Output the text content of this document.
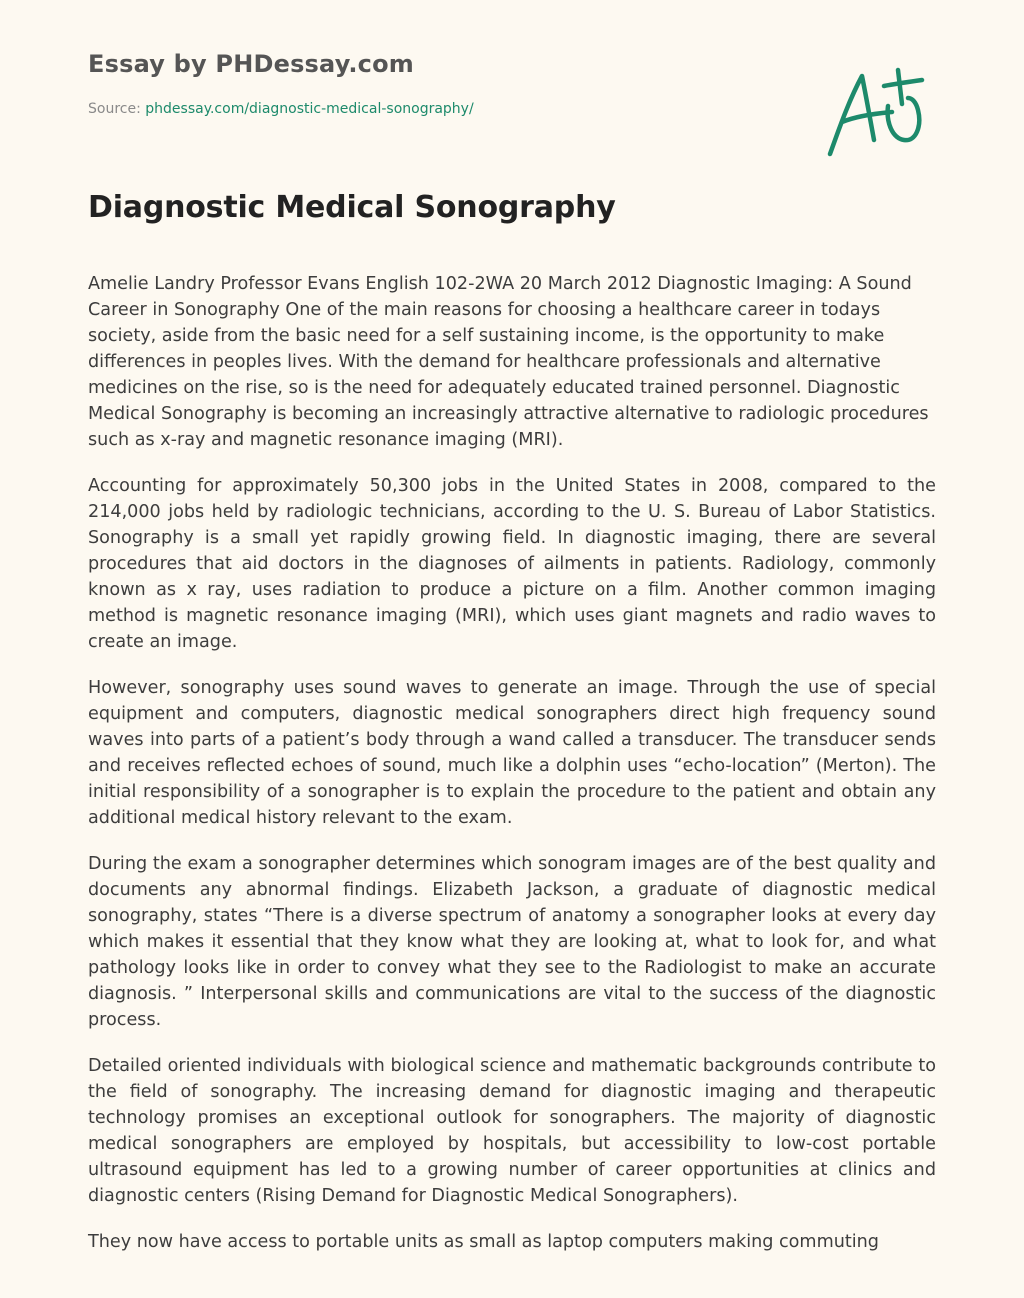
Essay by PHDessay.com
Source: phdessay.com/diagnostic-medical-sonography/
Diagnostic Medical Sonography

Amelie Landry Professor Evans English 102-2WA 20 March 2012 Diagnostic Imaging: A Sound Career in Sonography One of the main reasons for choosing a healthcare career in todays society, aside from the basic need for a self sustaining income, is the opportunity to make differences in peoples lives. With the demand for healthcare professionals and alternative medicines on the rise, so is the need for adequately educated trained personnel. Diagnostic Medical Sonography is becoming an increasingly attractive alternative to radiologic procedures such as x-ray and magnetic resonance imaging (MRI).

Accounting for approximately 50,300 jobs in the United States in 2008, compared to the 214,000 jobs held by radiologic technicians, according to the U. S. Bureau of Labor Statistics. Sonography is a small yet rapidly growing field. In diagnostic imaging, there are several procedures that aid doctors in the diagnoses of ailments in patients. Radiology, commonly known as x ray, uses radiation to produce a picture on a film. Another common imaging method is magnetic resonance imaging (MRI), which uses giant magnets and radio waves to create an image.

However, sonography uses sound waves to generate an image. Through the use of special equipment and computers, diagnostic medical sonographers direct high frequency sound waves into parts of a patient’s body through a wand called a transducer. The transducer sends and receives reflected echoes of sound, much like a dolphin uses “echo-location” (Merton). The initial responsibility of a sonographer is to explain the procedure to the patient and obtain any additional medical history relevant to the exam.

During the exam a sonographer determines which sonogram images are of the best quality and documents any abnormal findings. Elizabeth Jackson, a graduate of diagnostic medical sonography, states “There is a diverse spectrum of anatomy a sonographer looks at every day which makes it essential that they know what they are looking at, what to look for, and what pathology looks like in order to convey what they see to the Radiologist to make an accurate diagnosis. ” Interpersonal skills and communications are vital to the success of the diagnostic process.

Detailed oriented individuals with biological science and mathematic backgrounds contribute to the field of sonography. The increasing demand for diagnostic imaging and therapeutic technology promises an exceptional outlook for sonographers. The majority of diagnostic medical sonographers are employed by hospitals, but accessibility to low-cost portable ultrasound equipment has led to a growing number of career opportunities at clinics and diagnostic centers (Rising Demand for Diagnostic Medical Sonographers).

They now have access to portable units as small as laptop computers making commuting
